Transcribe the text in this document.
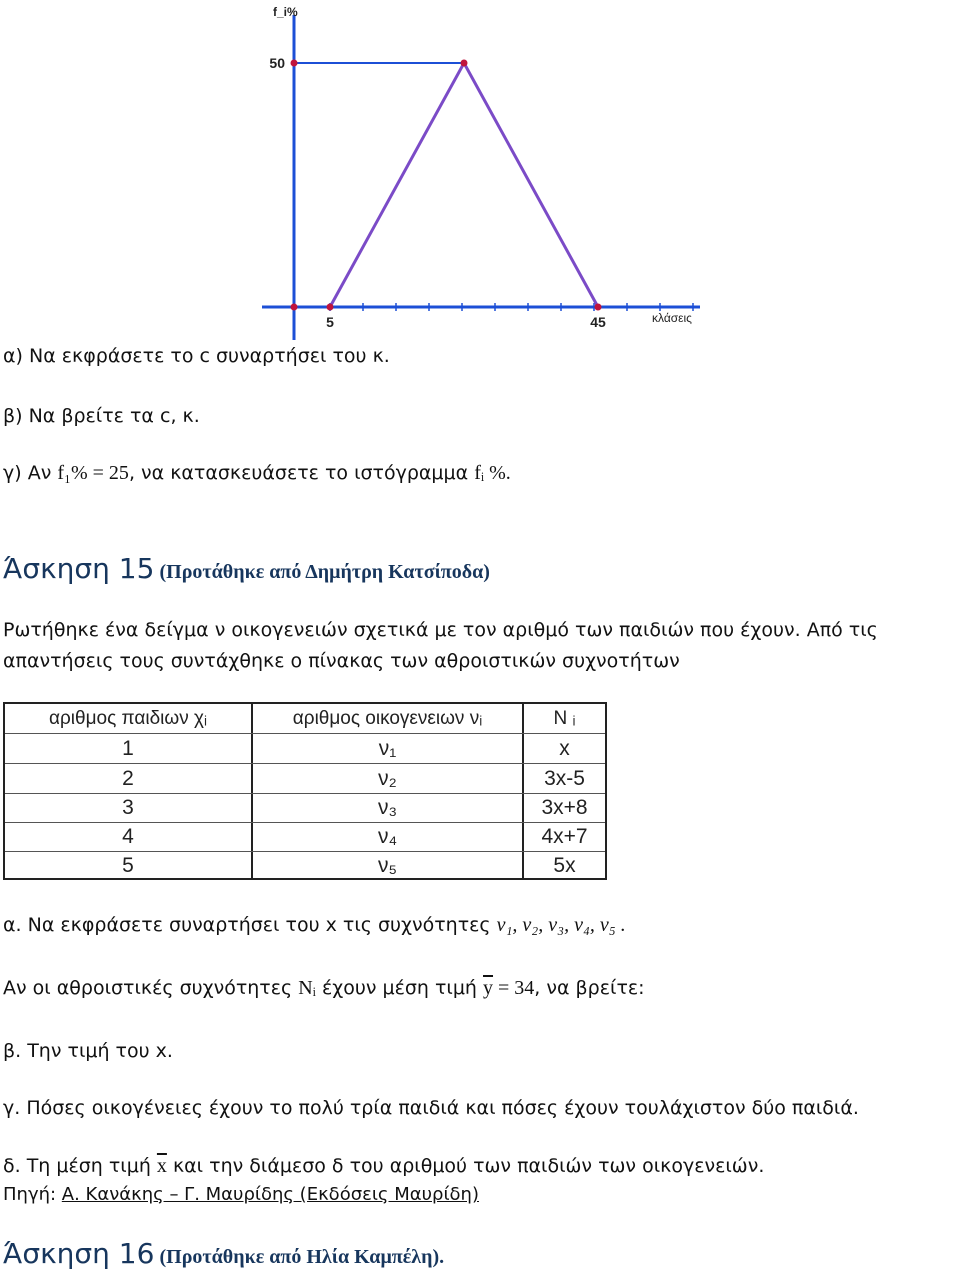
5	45
50
κλάσεις
f_i%
α) Να εκφράσετε το c συναρτήσει του κ.
β) Να βρείτε τα c, κ.
γ) Αν f₁% = 25, να κατασκευάσετε το ιστόγραμμα fᵢ %.
Άσκηση 15 (Προτάθηκε από Δημήτρη Κατσίποδα)
Ρωτήθηκε ένα δείγμα ν οικογενειών σχετικά με τον αριθμό των παιδιών που έχουν. Από τις
απαντήσεις τους συντάχθηκε ο πίνακας των αθροιστικών συχνοτήτων
αριθμος παιδιων χᵢ	αριθμος οικογενειων νᵢ	N ᵢ
1	ν₁	x
2	ν₂	3x-5
3	ν₃	3x+8
4	ν₄	4x+7
5	ν₅	5x
α. Να εκφράσετε συναρτήσει του x τις συχνότητες ν₁, ν₂, ν₃, ν₄, ν₅ .
Αν οι αθροιστικές συχνότητες Nᵢ έχουν μέση τιμή $\overline{y} = 34$, να βρείτε:
β. Την τιμή του x.
γ. Πόσες οικογένειες έχουν το πολύ τρία παιδιά και πόσες έχουν τουλάχιστον δύο παιδιά.
δ. Τη μέση τιμή $\overline{x}$ και την διάμεσο δ του αριθμού των παιδιών των οικογενειών.
Πηγή: Α. Κανάκης – Γ. Μαυρίδης (Εκδόσεις Μαυρίδη)
Άσκηση 16 (Προτάθηκε από Ηλία Καμπέλη).
